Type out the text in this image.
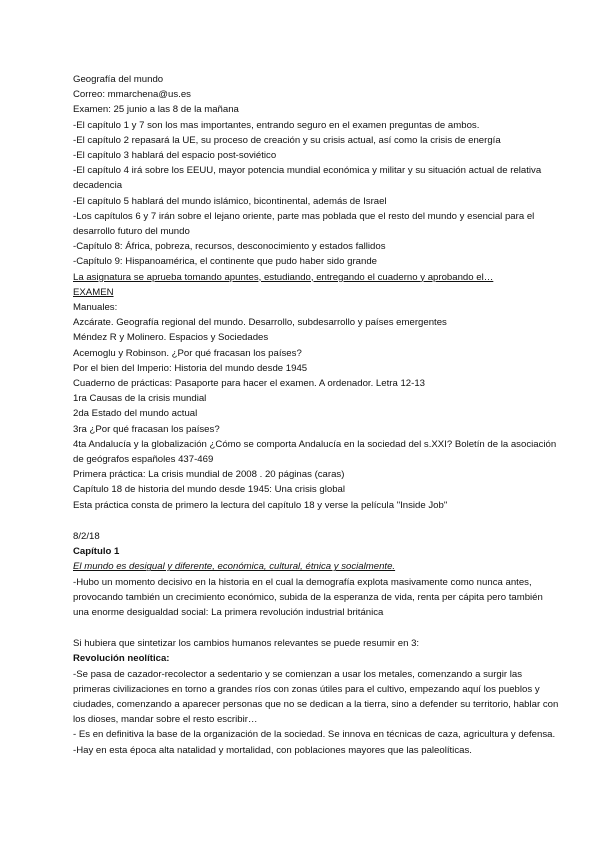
Geografía del mundo
Correo: mmarchena@us.es
Examen: 25 junio a las 8 de la mañana
-El capítulo 1 y 7 son los mas importantes, entrando seguro en el examen preguntas de ambos.
-El capítulo 2 repasará la UE, su proceso de creación y su crisis actual, así como la crisis de energía
-El capítulo 3 hablará del espacio post-soviético
-El capítulo 4 irá sobre los EEUU, mayor potencia mundial económica y militar y su situación actual de relativa decadencia
-El capítulo 5 hablará del mundo islámico, bicontinental, además de Israel
-Los capítulos 6 y 7 irán sobre el lejano oriente, parte mas poblada que el resto del mundo y esencial para el desarrollo futuro del mundo
-Capítulo 8: África, pobreza, recursos, desconocimiento y estados fallidos
-Capítulo 9: Hispanoamérica, el continente que pudo haber sido grande
La asignatura se aprueba tomando apuntes, estudiando, entregando el cuaderno y aprobando el…
EXAMEN
Manuales:
Azcárate. Geografía regional del mundo. Desarrollo, subdesarrollo y países emergentes
Méndez R y Molinero. Espacios y Sociedades
Acemoglu y Robinson. ¿Por qué fracasan los países?
Por el bien del Imperio: Historia del mundo desde 1945
Cuaderno de prácticas: Pasaporte para hacer el examen. A ordenador. Letra 12-13
1ra Causas de la crisis mundial
2da Estado del mundo actual
3ra ¿Por qué fracasan los países?
4ta Andalucía y la globalización ¿Cómo se comporta Andalucía en la sociedad del s.XXI? Boletín de la asociación de geógrafos españoles 437-469
Primera práctica: La crisis mundial de 2008 . 20 páginas (caras)
Capítulo 18 de historia del mundo desde 1945: Una crisis global
Esta práctica consta de primero la lectura del capítulo 18 y verse la película "Inside Job"
8/2/18
Capítulo 1
El mundo es desigual y diferente, económica, cultural, étnica y socialmente.
-Hubo un momento decisivo en la historia en el cual la demografía explota masivamente como nunca antes, provocando también un crecimiento económico, subida de la esperanza de vida, renta per cápita pero también una enorme desigualdad social: La primera revolución industrial británica
Si hubiera que sintetizar los cambios humanos relevantes se puede resumir en 3:
Revolución neolítica:
-Se pasa de cazador-recolector a sedentario y se comienzan a usar los metales, comenzando a surgir las primeras civilizaciones en torno a grandes ríos con zonas útiles para el cultivo, empezando aquí los pueblos y ciudades, comenzando a aparecer personas que no se dedican a la tierra, sino a defender su territorio, hablar con los dioses, mandar sobre el resto escribir…
- Es en definitiva la base de la organización de la sociedad. Se innova en técnicas de caza, agricultura y defensa.
-Hay en esta época alta natalidad y mortalidad, con poblaciones mayores que las paleolíticas.
